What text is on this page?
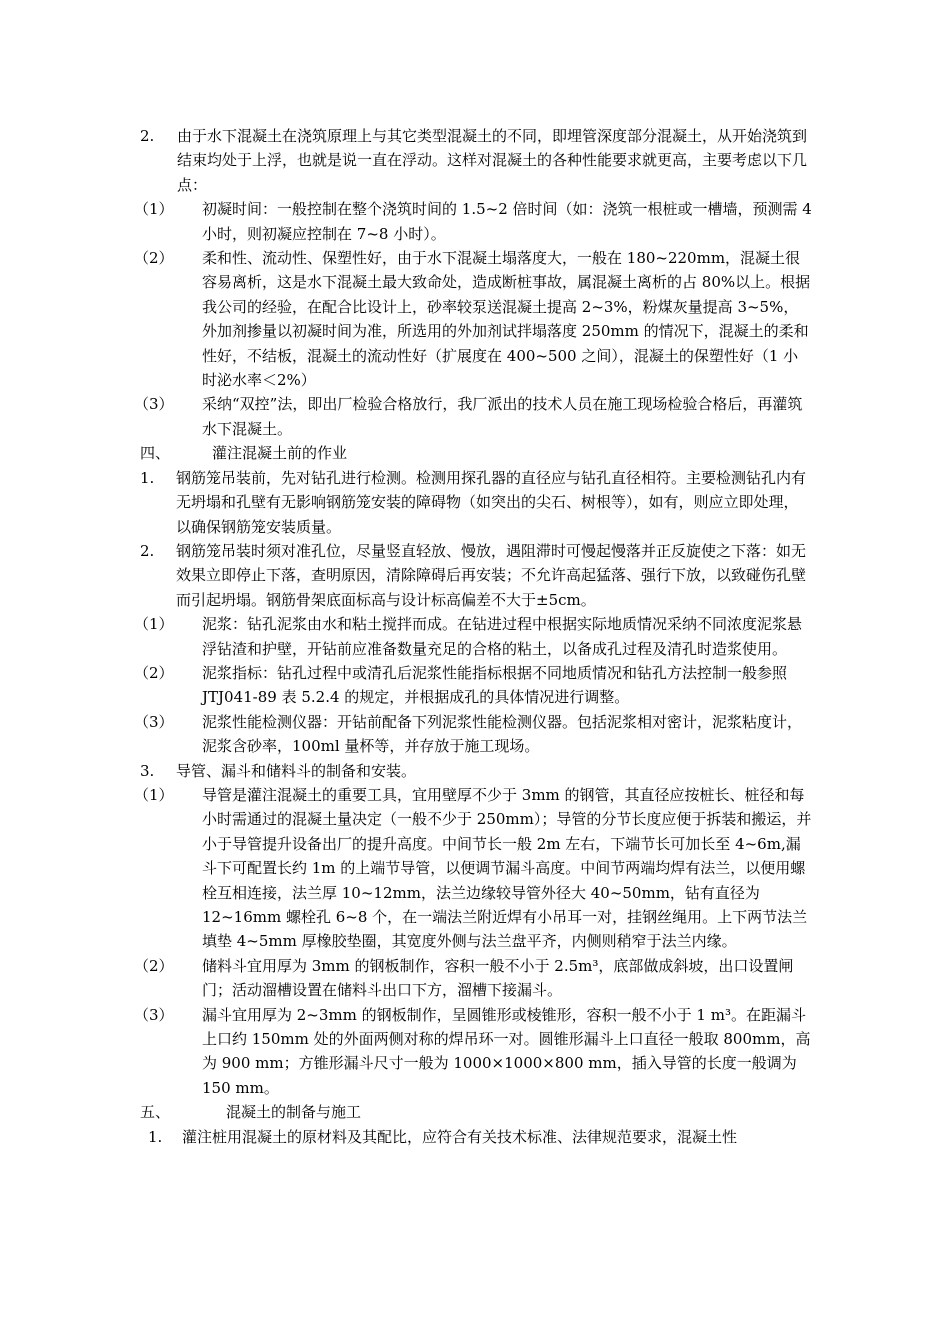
2. 由于水下混凝土在浇筑原理上与其它类型混凝土的不同，即埋管深度部分混凝土，从开始浇筑到结束均处于上浮，也就是说一直在浮动。这样对混凝土的各种性能要求就更高，主要考虑以下几点：
（1） 初凝时间：一般控制在整个浇筑时间的 1.5~2 倍时间（如：浇筑一根桩或一槽墙，预测需 4 小时，则初凝应控制在 7~8 小时）。
（2） 柔和性、流动性、保塑性好，由于水下混凝土塌落度大，一般在 180~220mm，混凝土很容易离析，这是水下混凝土最大致命处，造成断桩事故，属混凝土离析的占 80%以上。根据我公司的经验，在配合比设计上，砂率较泵送混凝土提高 2~3%，粉煤灰量提高 3~5%，外加剂掺量以初凝时间为准，所选用的外加剂试拌塌落度 250mm 的情况下，混凝土的柔和性好，不结板，混凝土的流动性好（扩展度在 400~500 之间），混凝土的保塑性好（1 小时泌水率＜2%）
（3） 采纳“双控”法，即出厂检验合格放行，我厂派出的技术人员在施工现场检验合格后，再灌筑水下混凝土。
四、	灌注混凝土前的作业
1. 钢筋笼吊装前，先对钻孔进行检测。检测用探孔器的直径应与钻孔直径相符。主要检测钻孔内有无坍塌和孔壁有无影响钢筋笼安装的障碍物（如突出的尖石、树根等），如有，则应立即处理，以确保钢筋笼安装质量。
2. 钢筋笼吊装时须对准孔位，尽量竖直轻放、慢放，遇阻滞时可慢起慢落并正反旋使之下落：如无效果立即停止下落，查明原因，清除障碍后再安装；不允许高起猛落、强行下放，以致碰伤孔壁而引起坍塌。钢筋骨架底面标高与设计标高偏差不大于±5cm。
（1） 泥浆：钻孔泥浆由水和粘土搅拌而成。在钻进过程中根据实际地质情况采纳不同浓度泥浆悬浮钻渣和护壁，开钻前应准备数量充足的合格的粘土，以备成孔过程及清孔时造浆使用。
（2） 泥浆指标：钻孔过程中或清孔后泥浆性能指标根据不同地质情况和钻孔方法控制一般参照 JTJ041-89 表 5.2.4 的规定，并根据成孔的具体情况进行调整。
（3） 泥浆性能检测仪器：开钻前配备下列泥浆性能检测仪器。包括泥浆相对密计，泥浆粘度计，泥浆含砂率，100ml 量杯等，并存放于施工现场。
3. 导管、漏斗和储料斗的制备和安装。
（1） 导管是灌注混凝土的重要工具，宜用壁厚不少于 3mm 的钢管，其直径应按桩长、桩径和每小时需通过的混凝土量决定（一般不少于 250mm）；导管的分节长度应便于拆装和搬运，并小于导管提升设备出厂的提升高度。中间节长一般 2m 左右，下端节长可加长至 4~6m,漏斗下可配置长约 1m 的上端节导管，以便调节漏斗高度。中间节两端均焊有法兰，以便用螺栓互相连接，法兰厚 10~12mm，法兰边缘较导管外径大 40~50mm，钻有直径为 12~16mm 螺栓孔 6~8 个，在一端法兰附近焊有小吊耳一对，挂钢丝绳用。上下两节法兰填垫 4~5mm 厚橡胶垫圈，其宽度外侧与法兰盘平齐，内侧则稍窄于法兰内缘。
（2） 储料斗宜用厚为 3mm 的钢板制作，容积一般不小于 2.5m³，底部做成斜坡，出口设置闸门；活动溜槽设置在储料斗出口下方，溜槽下接漏斗。
（3） 漏斗宜用厚为 2~3mm 的钢板制作，呈圆锥形或棱锥形，容积一般不小于 1 m³。在距漏斗上口约 150mm 处的外面两侧对称的焊吊环一对。圆锥形漏斗上口直径一般取 800mm，高为 900 mm；方锥形漏斗尺寸一般为 1000×1000×800 mm，插入导管的长度一般调为 150 mm。
五、	混凝土的制备与施工
1. 灌注桩用混凝土的原材料及其配比，应符合有关技术标准、法律规范要求，混凝土性
